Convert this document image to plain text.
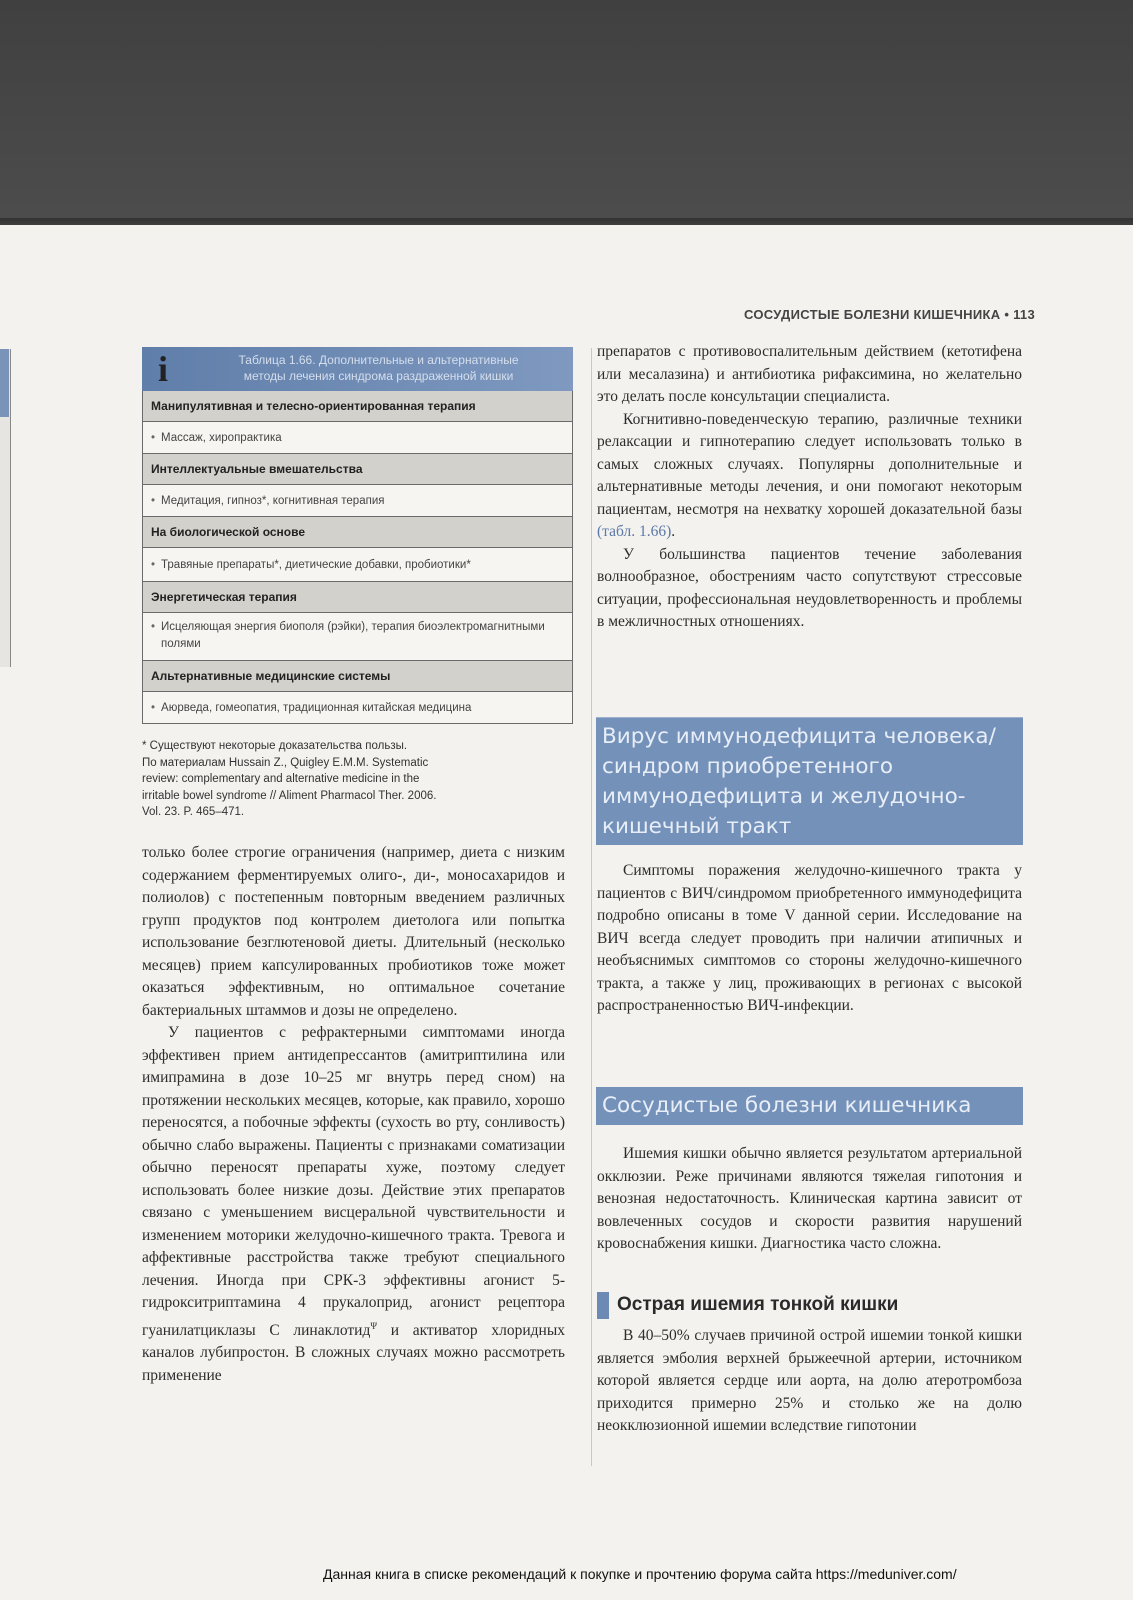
СОСУДИСТЫЕ БОЛЕЗНИ КИШЕЧНИКА • 113
i	Таблица 1.66. Дополнительные и альтернативные
методы лечения синдрома раздраженной кишки
Манипулятивная и телесно-ориентированная терапия
• Массаж, хиропрактика
Интеллектуальные вмешательства
• Медитация, гипноз*, когнитивная терапия
На биологической основе
• Травяные препараты*, диетические добавки, пробиотики*
Энергетическая терапия
• Исцеляющая энергия биополя (рэйки), терапия биоэлектромагнитными полями
Альтернативные медицинские системы
• Аюрведа, гомеопатия, традиционная китайская медицина
* Существуют некоторые доказательства пользы.
По материалам Hussain Z., Quigley E.M.M. Systematic
review: complementary and alternative medicine in the
irritable bowel syndrome // Aliment Pharmacol Ther. 2006.
Vol. 23. P. 465–471.

только более строгие ограничения (например, диета с низким содержанием ферментируемых олиго-, ди-, моносахаридов и полиолов) с постепенным повторным введением различных групп продуктов под контролем диетолога или попытка использование безглютеновой диеты. Длительный (несколько месяцев) прием капсулированных пробиотиков тоже может оказаться эффективным, но оптимальное сочетание бактериальных штаммов и дозы не определено.

У пациентов с рефрактерными симптомами иногда эффективен прием антидепрессантов (амитриптилина или имипрамина в дозе 10–25 мг внутрь перед сном) на протяжении нескольких месяцев, которые, как правило, хорошо переносятся, а побочные эффекты (сухость во рту, сонливость) обычно слабо выражены. Пациенты с признаками соматизации обычно переносят препараты хуже, поэтому следует использовать более низкие дозы. Действие этих препаратов связано с уменьшением висцеральной чувствительности и изменением моторики желудочно-кишечного тракта. Тревога и аффективные расстройства также требуют специального лечения. Иногда при СРК-3 эффективны агонист 5-гидрокситриптамина 4 прукалоприд, агонист рецептора гуанилатциклазы С линаклотид$^\Psi$ и активатор хлоридных каналов лубипростон. В сложных случаях можно рассмотреть применение

препаратов с противовоспалительным действием (кетотифена или месалазина) и антибиотика рифаксимина, но желательно это делать после консультации специалиста.

Когнитивно-поведенческую терапию, различные техники релаксации и гипнотерапию следует использовать только в самых сложных случаях. Популярны дополнительные и альтернативные методы лечения, и они помогают некоторым пациентам, несмотря на нехватку хорошей доказательной базы (табл. 1.66).

У большинства пациентов течение заболевания волнообразное, обострениям часто сопутствуют стрессовые ситуации, профессиональная неудовлетворенность и проблемы в межличностных отношениях.

Вирус иммунодефицита человека/ синдром приобретенного иммунодефицита и желудочно-кишечный тракт

Симптомы поражения желудочно-кишечного тракта у пациентов с ВИЧ/синдромом приобретенного иммунодефицита подробно описаны в томе V данной серии. Исследование на ВИЧ всегда следует проводить при наличии атипичных и необъяснимых симптомов со стороны желудочно-кишечного тракта, а также у лиц, проживающих в регионах с высокой распространенностью ВИЧ-инфекции.

Сосудистые болезни кишечника

Ишемия кишки обычно является результатом артериальной окклюзии. Реже причинами являются тяжелая гипотония и венозная недостаточность. Клиническая картина зависит от вовлеченных сосудов и скорости развития нарушений кровоснабжения кишки. Диагностика часто сложна.

Острая ишемия тонкой кишки

В 40–50% случаев причиной острой ишемии тонкой кишки является эмболия верхней брыжеечной артерии, источником которой является сердце или аорта, на долю атеротромбоза приходится примерно 25% и столько же на долю неокклюзионной ишемии вследствие гипотонии

Данная книга в списке рекомендаций к покупке и прочтению форума сайта https://meduniver.com/
